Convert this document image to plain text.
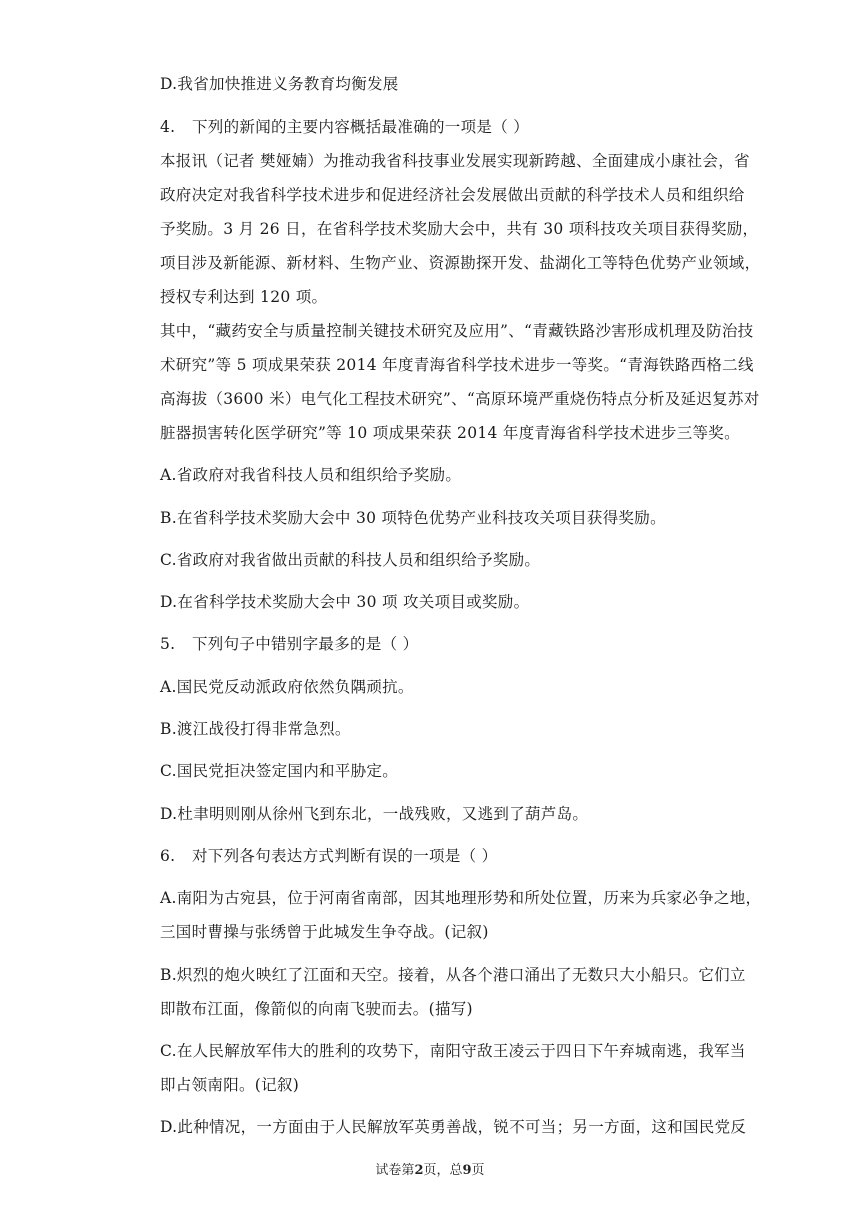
D.我省加快推进义务教育均衡发展
4. 下列的新闻的主要内容概括最准确的一项是（ ）
本报讯（记者 樊娅婻）为推动我省科技事业发展实现新跨越、全面建成小康社会，省
政府决定对我省科学技术进步和促进经济社会发展做出贡献的科学技术人员和组织给
予奖励。3 月 26 日，在省科学技术奖励大会中，共有 30 项科技攻关项目获得奖励，
项目涉及新能源、新材料、生物产业、资源勘探开发、盐湖化工等特色优势产业领域，
授权专利达到 120 项。
其中，“藏药安全与质量控制关键技术研究及应用”、“青藏铁路沙害形成机理及防治技
术研究”等 5 项成果荣获 2014 年度青海省科学技术进步一等奖。“青海铁路西格二线
高海拔（3600 米）电气化工程技术研究”、“高原环境严重烧伤特点分析及延迟复苏对
脏器损害转化医学研究”等 10 项成果荣获 2014 年度青海省科学技术进步三等奖。
A.省政府对我省科技人员和组织给予奖励。
B.在省科学技术奖励大会中 30 项特色优势产业科技攻关项目获得奖励。
C.省政府对我省做出贡献的科技人员和组织给予奖励。
D.在省科学技术奖励大会中 30 项 攻关项目或奖励。
5. 下列句子中错别字最多的是（ ）
A.国民党反动派政府依然负隅顽抗。
B.渡江战役打得非常急烈。
C.国民党拒决签定国内和平胁定。
D.杜聿明则刚从徐州飞到东北，一战残败，又逃到了葫芦岛。
6. 对下列各句表达方式判断有误的一项是（ ）
A.南阳为古宛县，位于河南省南部，因其地理形势和所处位置，历来为兵家必争之地，
三国时曹操与张绣曾于此城发生争夺战。(记叙)
B.炽烈的炮火映红了江面和天空。接着，从各个港口涌出了无数只大小船只。它们立
即散布江面，像箭似的向南飞驶而去。(描写)
C.在人民解放军伟大的胜利的攻势下，南阳守敌王凌云于四日下午弃城南逃，我军当
即占领南阳。(记叙)
D.此种情况，一方面由于人民解放军英勇善战，锐不可当；另一方面，这和国民党反
试卷第2页，总9页
